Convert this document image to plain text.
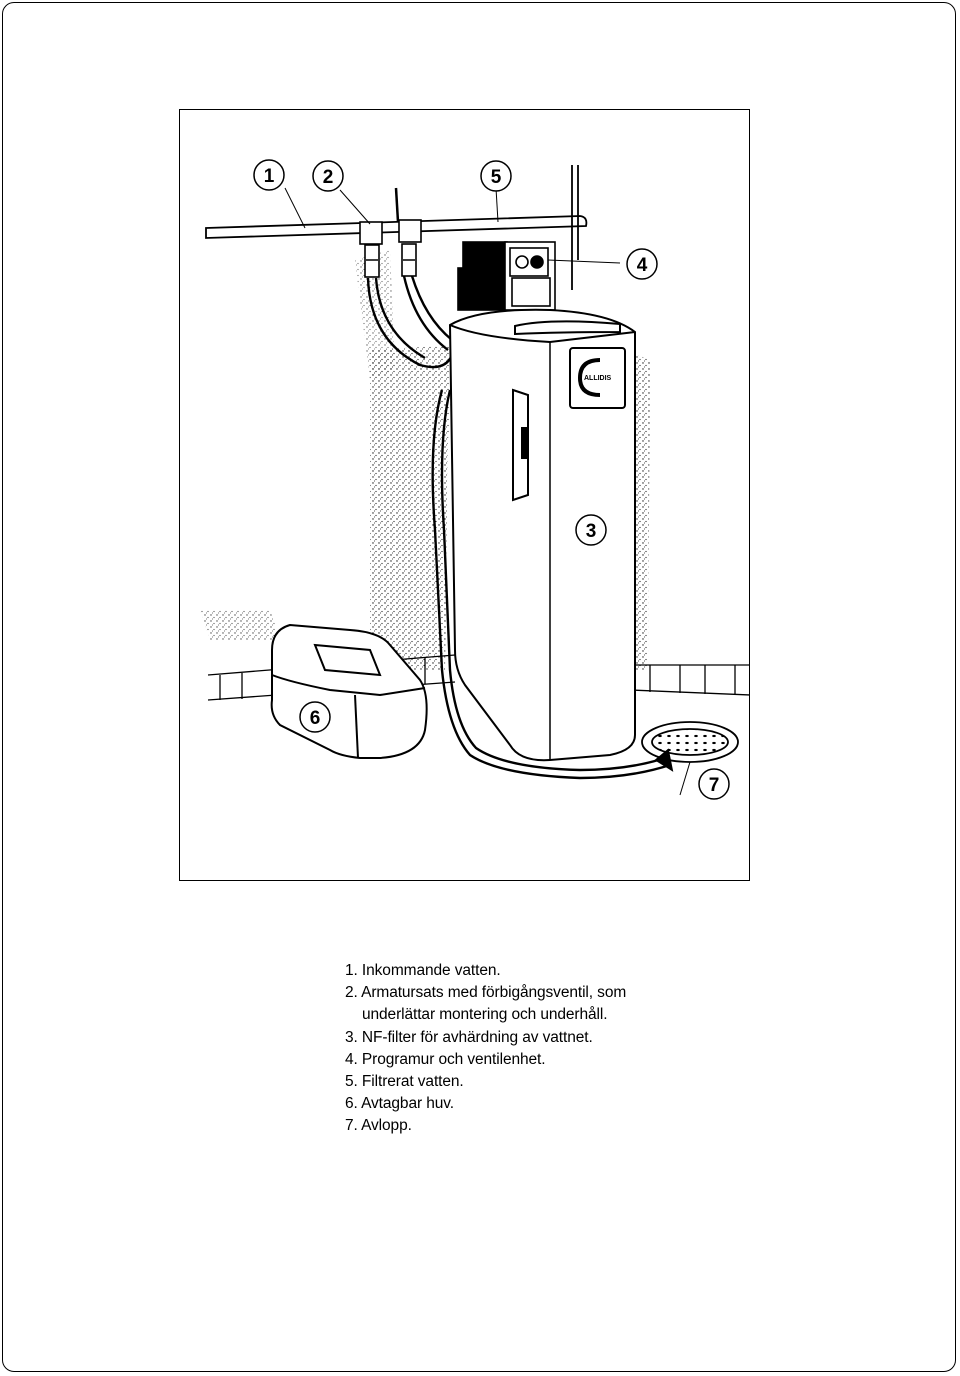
ALLIDIS
1	2	5
4
3
6
7
1. Inkommande vatten.
2. Armatursats med förbigångsventil, som
underlättar montering och underhåll.
3. NF-filter för avhärdning av vattnet.
4. Programur och ventilenhet.
5. Filtrerat vatten.
6. Avtagbar huv.
7. Avlopp.
